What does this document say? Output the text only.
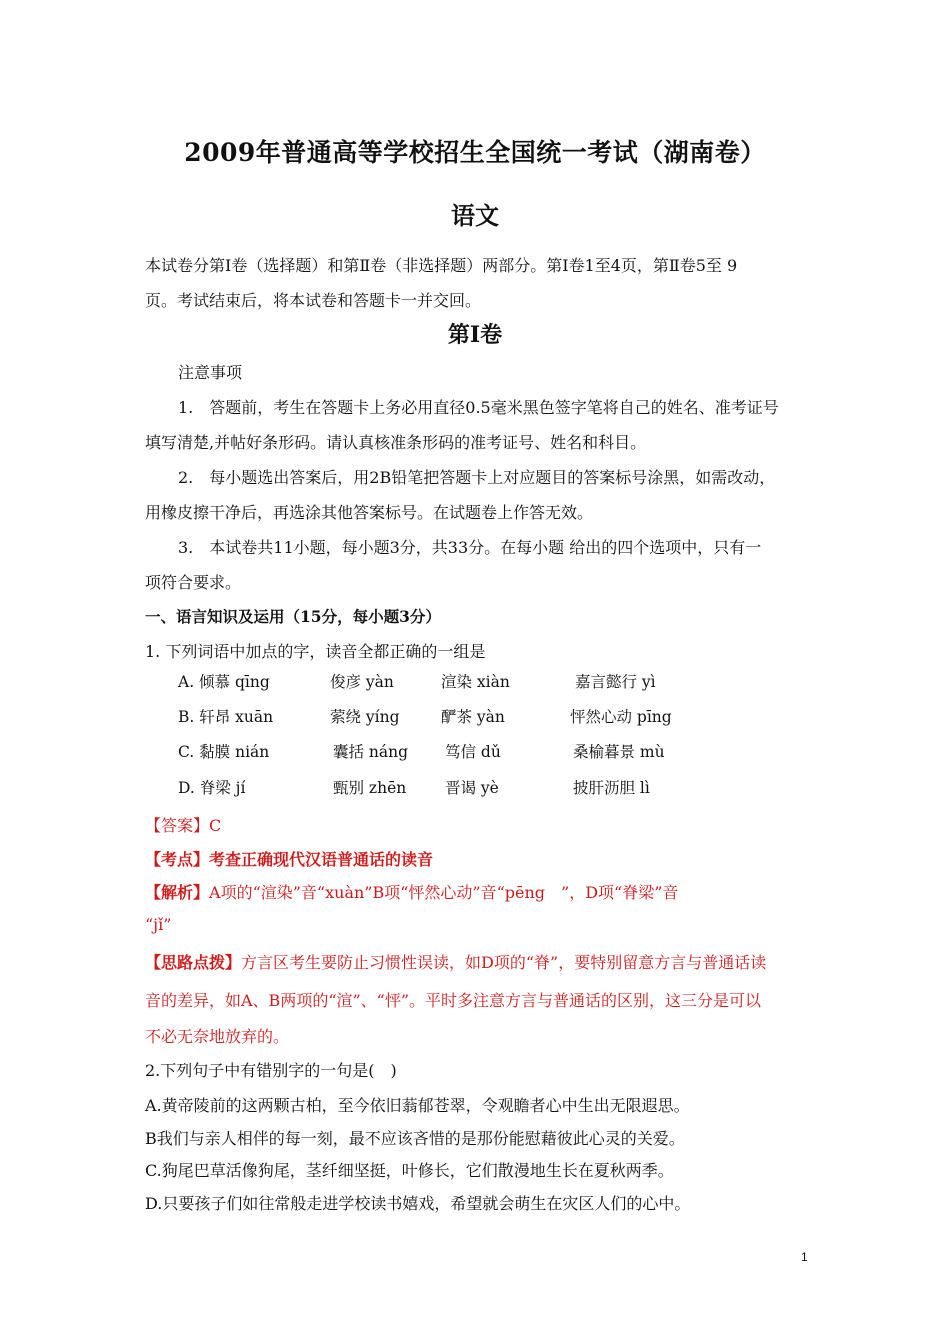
2009年普通高等学校招生全国统一考试（湖南卷）
语文
本试卷分第Ⅰ卷（选择题）和第Ⅱ卷（非选择题）两部分。第Ⅰ卷1至4页，第Ⅱ卷5至 9
页。考试结束后，将本试卷和答题卡一并交回。
第Ⅰ卷
注意事项
1.　答题前，考生在答题卡上务必用直径0.5毫米黑色签字笔将自己的姓名、准考证号
填写清楚,并帖好条形码。请认真核准条形码的准考证号、姓名和科目。
2.　每小题选出答案后，用2B铅笔把答题卡上对应题目的答案标号涂黑，如需改动，
用橡皮擦干净后，再选涂其他答案标号。在试题卷上作答无效。
3.　本试卷共11小题，每小题3分，共33分。在每小题 给出的四个选项中，只有一
项符合要求。
一、语言知识及运用（15分，每小题3分）
1. 下列词语中加点的字，读音全都正确的一组是
A. 倾慕 qīng	俊彦 yàn	渲染 xiàn	嘉言懿行 yì
B. 轩昂 xuān	萦绕 yíng	酽茶 yàn	怦然心动 pīng
C. 黏膜 nián	囊括 náng 笃信 dǔ	桑榆暮景 mù
D. 脊梁 jí	甄别 zhēn	晋谒 yè	披肝沥胆 lì
【答案】C
【考点】考查正确现代汉语普通话的读音
【解析】A项的“渲染”音“xuàn”B项“怦然心动”音“pēng　”，D项“脊梁”音
“jǐ”
【思路点拨】方言区考生要防止习惯性误读，如D项的“脊”，要特别留意方言与普通话读
音的差异，如A、B两项的“渲”、“怦”。平时多注意方言与普通话的区别，这三分是可以
不必无奈地放弃的。
2.下列句子中有错别字的一句是(　)
A.黄帝陵前的这两颗古柏，至今依旧蓊郁苍翠，令观瞻者心中生出无限遐思。
B我们与亲人相伴的每一刻，最不应该吝惜的是那份能慰藉彼此心灵的关爱。
C.狗尾巴草活像狗尾，茎纤细坚挺，叶修长，它们散漫地生长在夏秋两季。
D.只要孩子们如往常般走进学校读书嬉戏，希望就会萌生在灾区人们的心中。
1
